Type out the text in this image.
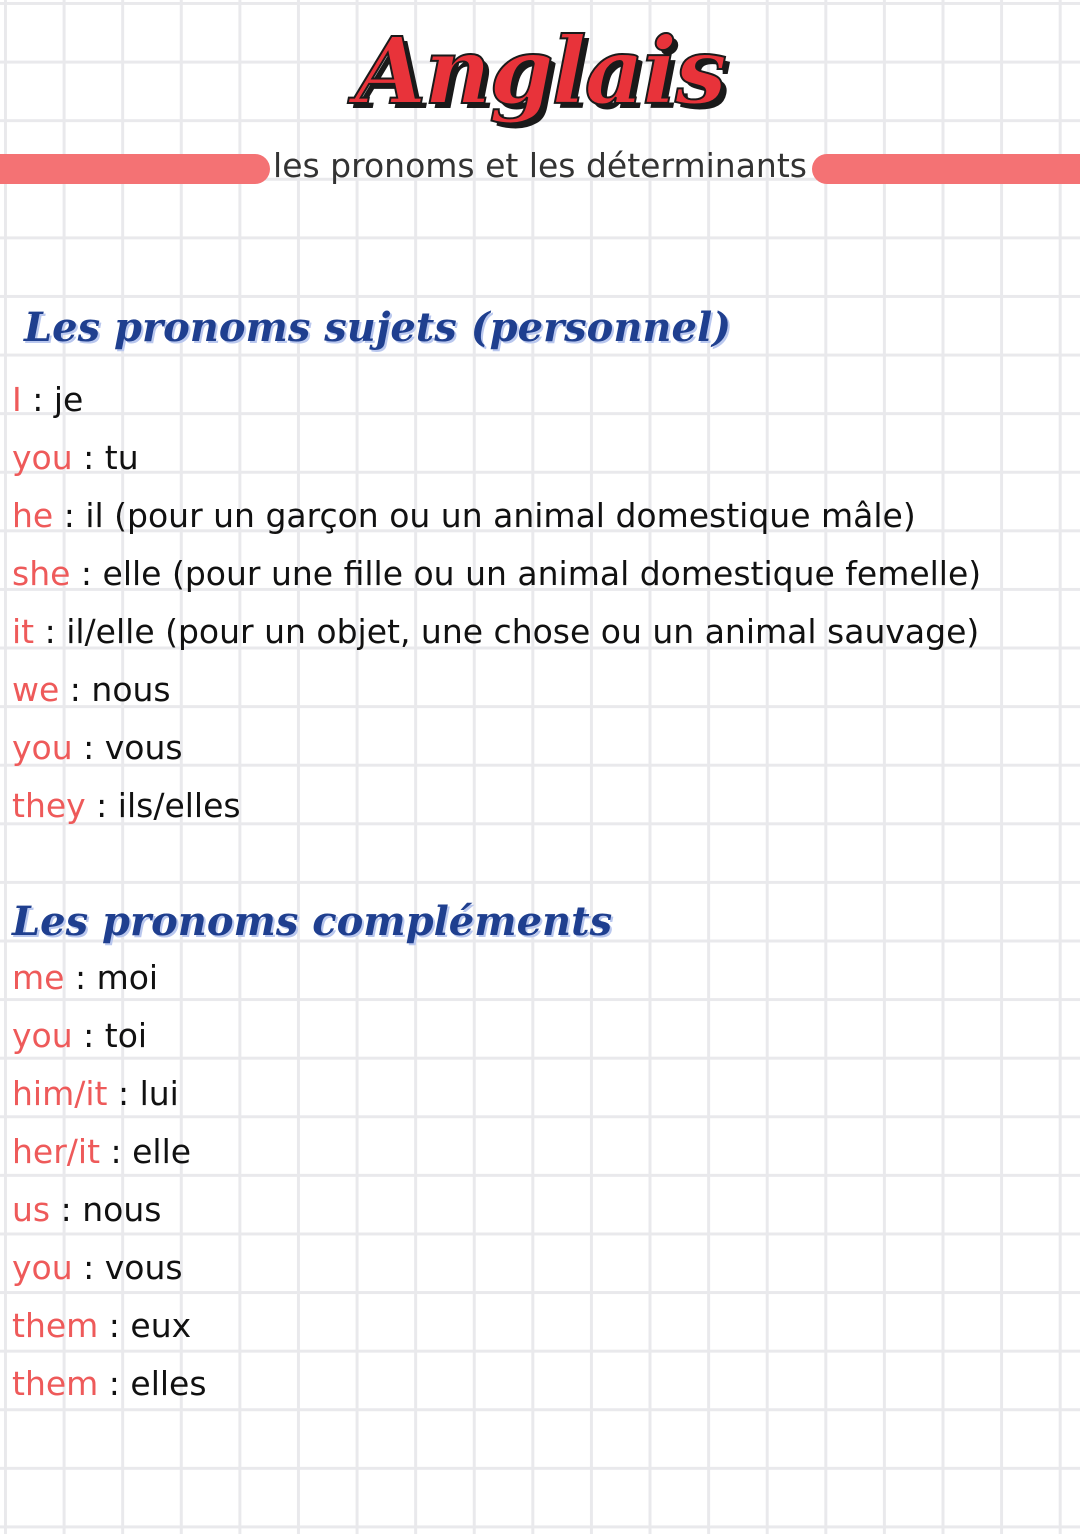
Anglais
les pronoms et les déterminants
Les pronoms sujets (personnel)
I : je
you : tu
he : il (pour un garçon ou un animal domestique mâle)
she : elle (pour une fille ou un animal domestique femelle)
it : il/elle (pour un objet, une chose ou un animal sauvage)
we : nous
you : vous
they : ils/elles
Les pronoms compléments
me : moi
you : toi
him/it : lui
her/it : elle
us : nous
you : vous
them : eux
them : elles
